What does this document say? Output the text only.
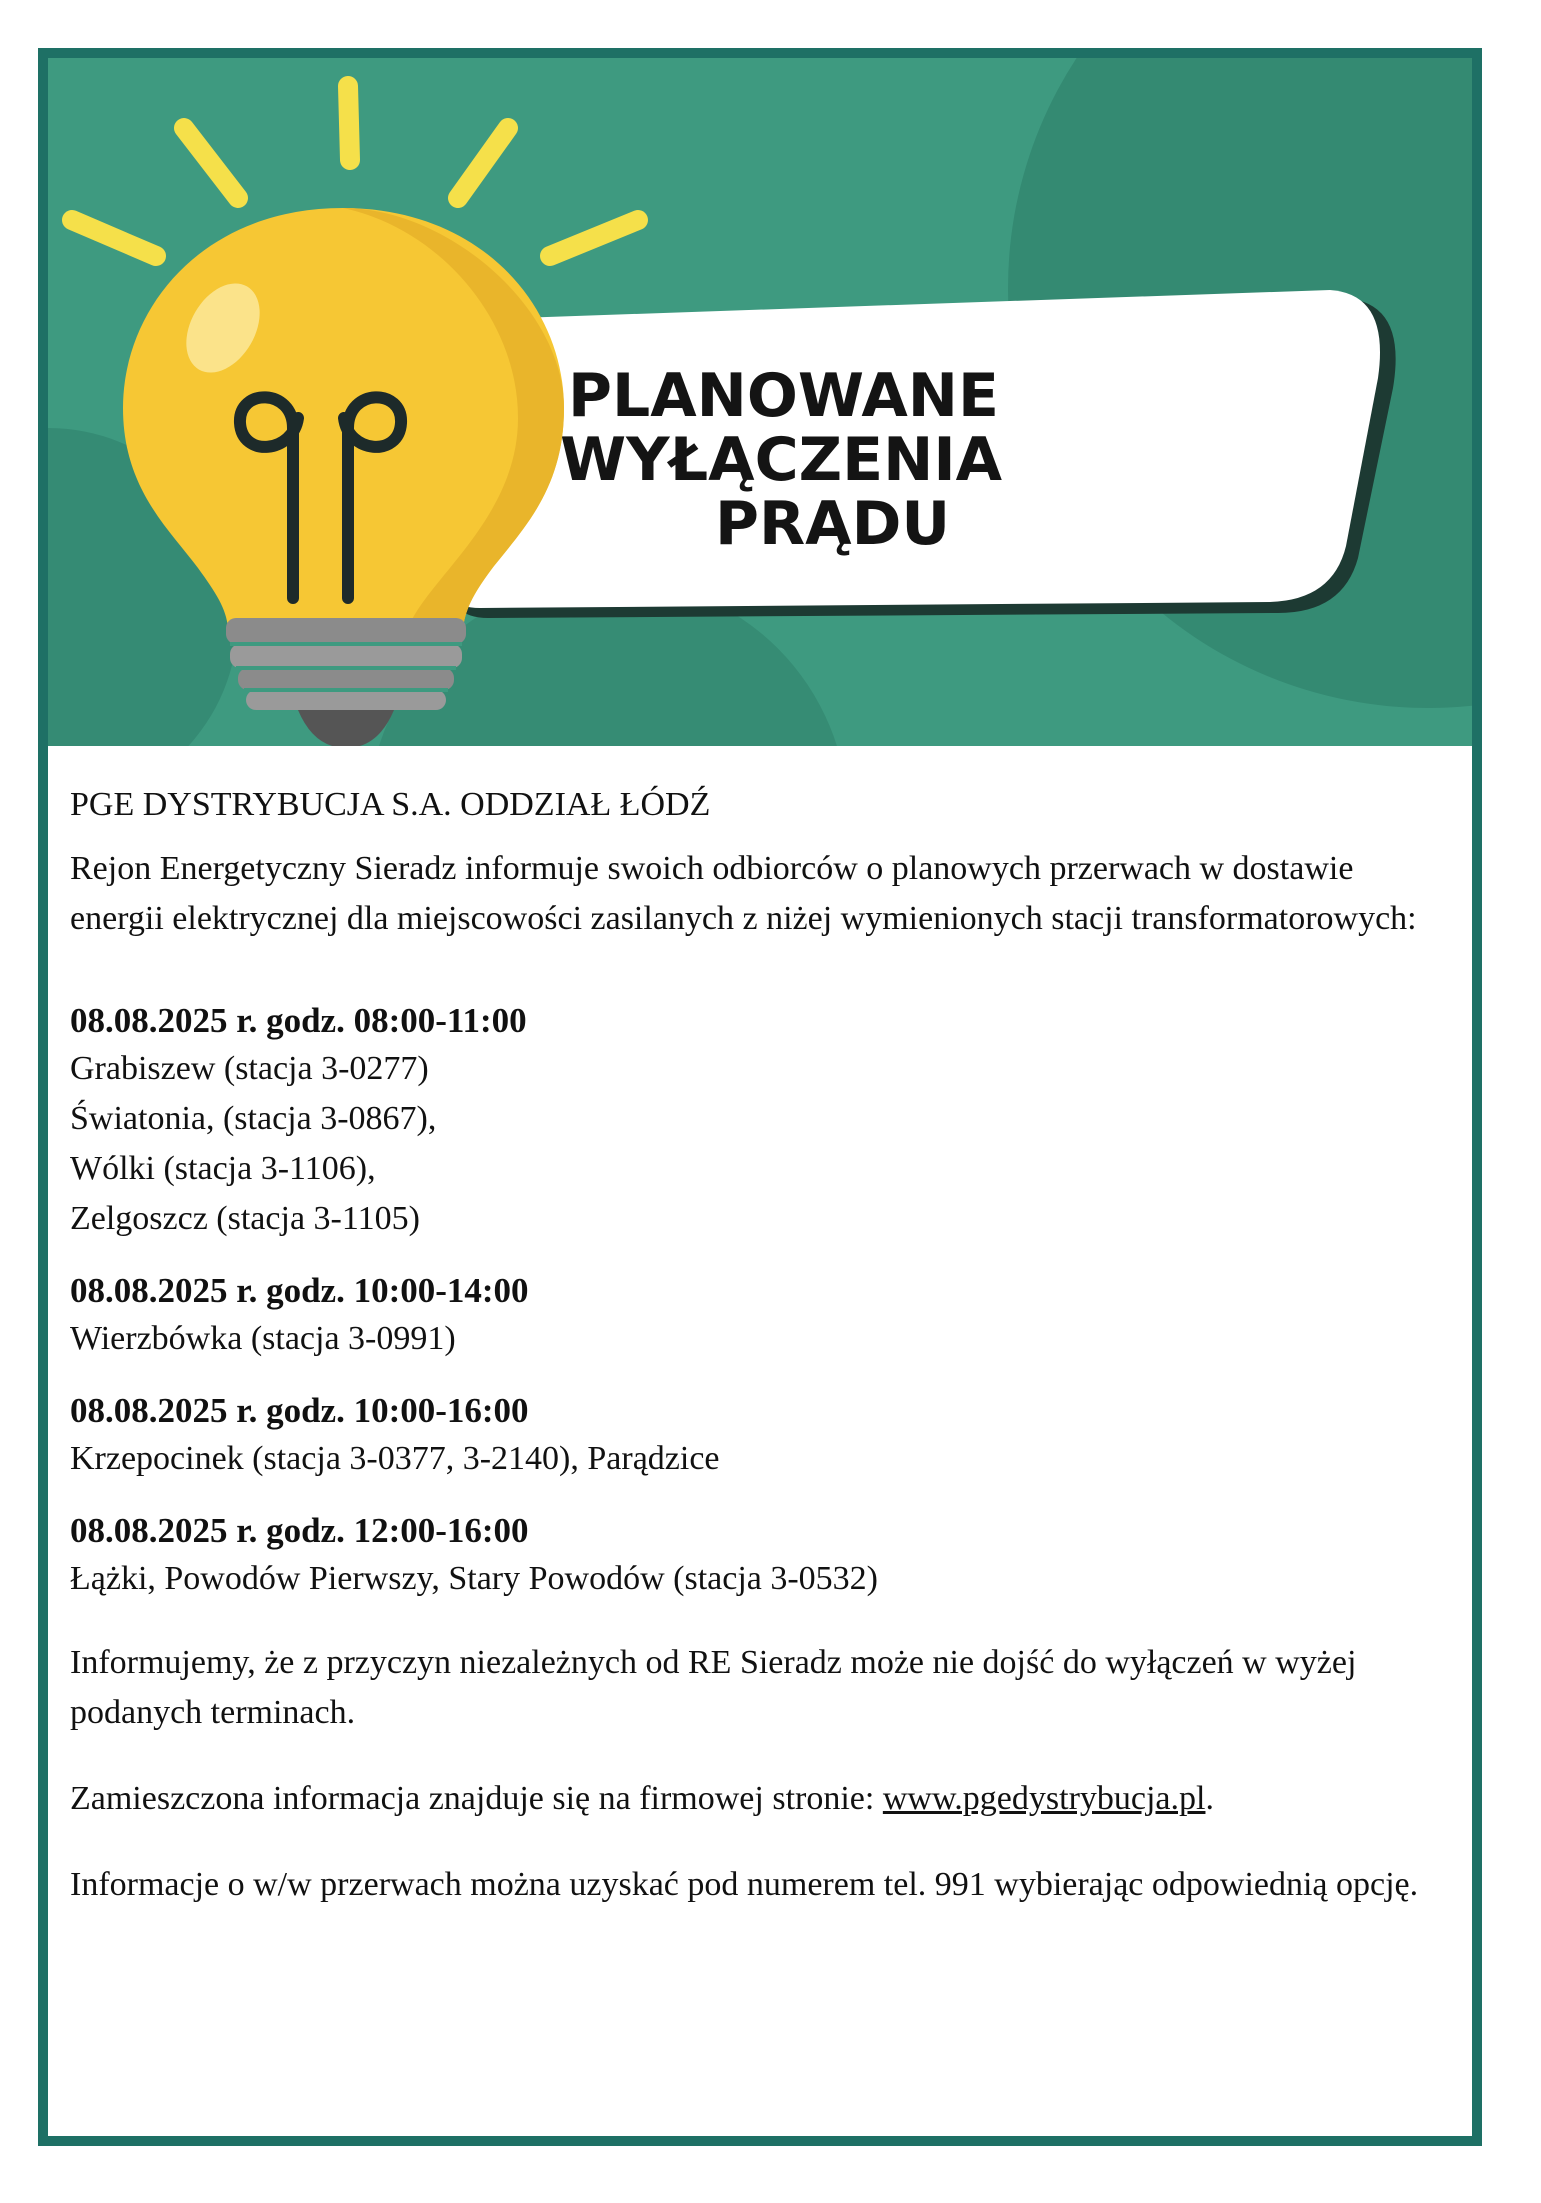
PLANOWANE
WYŁĄCZENIA
PRĄDU

PGE DYSTRYBUCJA S.A. ODDZIAŁ ŁÓDŹ

Rejon Energetyczny Sieradz informuje swoich odbiorców o planowych przerwach w dostawie energii elektrycznej dla miejscowości zasilanych z niżej wymienionych stacji transformatorowych:

08.08.2025 r. godz. 08:00-11:00
Grabiszew (stacja 3-0277)
Światonia, (stacja 3-0867),
Wólki (stacja 3-1106),
Zelgoszcz (stacja 3-1105)
08.08.2025 r. godz. 10:00-14:00
Wierzbówka (stacja 3-0991)
08.08.2025 r. godz. 10:00-16:00
Krzepocinek (stacja 3-0377, 3-2140), Parądzice
08.08.2025 r. godz. 12:00-16:00
Łążki, Powodów Pierwszy, Stary Powodów (stacja 3-0532)

Informujemy, że z przyczyn niezależnych od RE Sieradz może nie dojść do wyłączeń w wyżej podanych terminach.

Zamieszczona informacja znajduje się na firmowej stronie: www.pgedystrybucja.pl.

Informacje o w/w przerwach można uzyskać pod numerem tel. 991 wybierając odpowiednią opcję.
